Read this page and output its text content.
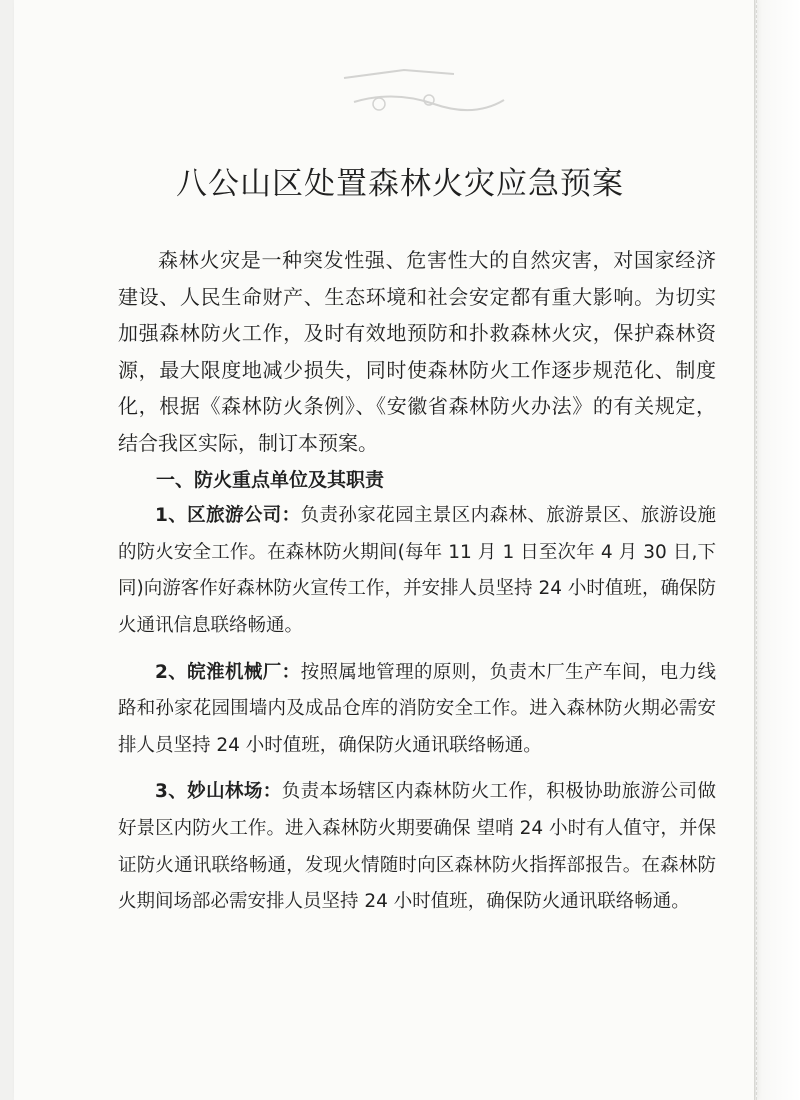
八公山区处置森林火灾应急预案

森林火灾是一种突发性强、危害性大的自然灾害，对国家经济建设、人民生命财产、生态环境和社会安定都有重大影响。为切实加强森林防火工作，及时有效地预防和扑救森林火灾，保护森林资源，最大限度地减少损失，同时使森林防火工作逐步规范化、制度化，根据《森林防火条例》、《安徽省森林防火办法》的有关规定，结合我区实际，制订本预案。

一、防火重点单位及其职责

1、区旅游公司：负责孙家花园主景区内森林、旅游景区、旅游设施的防火安全工作。在森林防火期间(每年 11 月 1 日至次年 4 月 30 日,下同)向游客作好森林防火宣传工作，并安排人员坚持 24 小时值班，确保防火通讯信息联络畅通。

2、皖淮机械厂：按照属地管理的原则，负责木厂生产车间，电力线路和孙家花园围墙内及成品仓库的消防安全工作。进入森林防火期必需安排人员坚持 24 小时值班，确保防火通讯联络畅通。

3、妙山林场：负责本场辖区内森林防火工作，积极协助旅游公司做好景区内防火工作。进入森林防火期要确保 望哨 24 小时有人值守，并保证防火通讯联络畅通，发现火情随时向区森林防火指挥部报告。在森林防火期间场部必需安排人员坚持 24 小时值班，确保防火通讯联络畅通。
